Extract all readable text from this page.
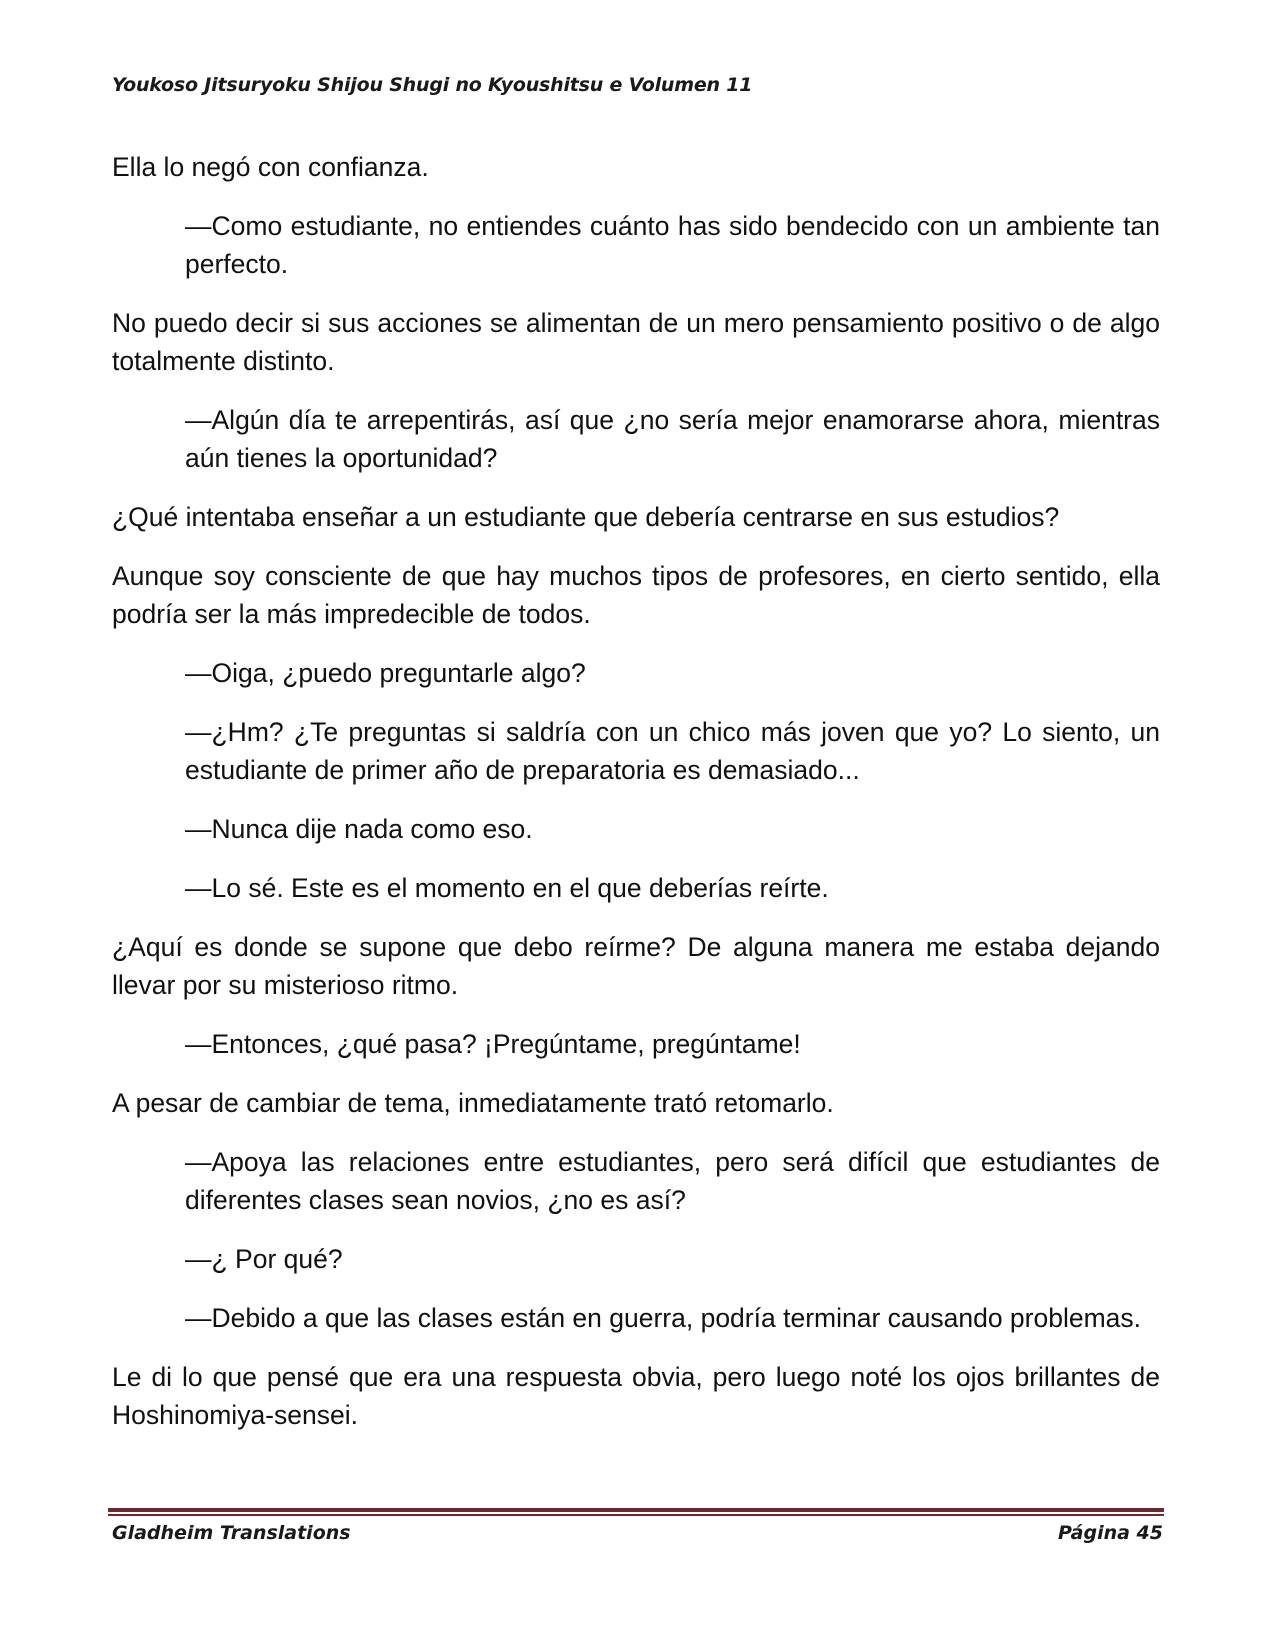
Youkoso Jitsuryoku Shijou Shugi no Kyoushitsu e Volumen 11

Ella lo negó con confianza.

—Como estudiante, no entiendes cuánto has sido bendecido con un ambiente tan perfecto.

No puedo decir si sus acciones se alimentan de un mero pensamiento positivo o de algo totalmente distinto.

—Algún día te arrepentirás, así que ¿no sería mejor enamorarse ahora, mientras aún tienes la oportunidad?

¿Qué intentaba enseñar a un estudiante que debería centrarse en sus estudios?

Aunque soy consciente de que hay muchos tipos de profesores, en cierto sentido, ella podría ser la más impredecible de todos.

—Oiga, ¿puedo preguntarle algo?

—¿Hm? ¿Te preguntas si saldría con un chico más joven que yo? Lo siento, un estudiante de primer año de preparatoria es demasiado...

—Nunca dije nada como eso.

—Lo sé. Este es el momento en el que deberías reírte.

¿Aquí es donde se supone que debo reírme? De alguna manera me estaba dejando llevar por su misterioso ritmo.

—Entonces, ¿qué pasa? ¡Pregúntame, pregúntame!

A pesar de cambiar de tema, inmediatamente trató retomarlo.

—Apoya las relaciones entre estudiantes, pero será difícil que estudiantes de diferentes clases sean novios, ¿no es así?

—¿ Por qué?

—Debido a que las clases están en guerra, podría terminar causando problemas.

Le di lo que pensé que era una respuesta obvia, pero luego noté los ojos brillantes de Hoshinomiya-sensei.

Gladheim Translations	Página 45
